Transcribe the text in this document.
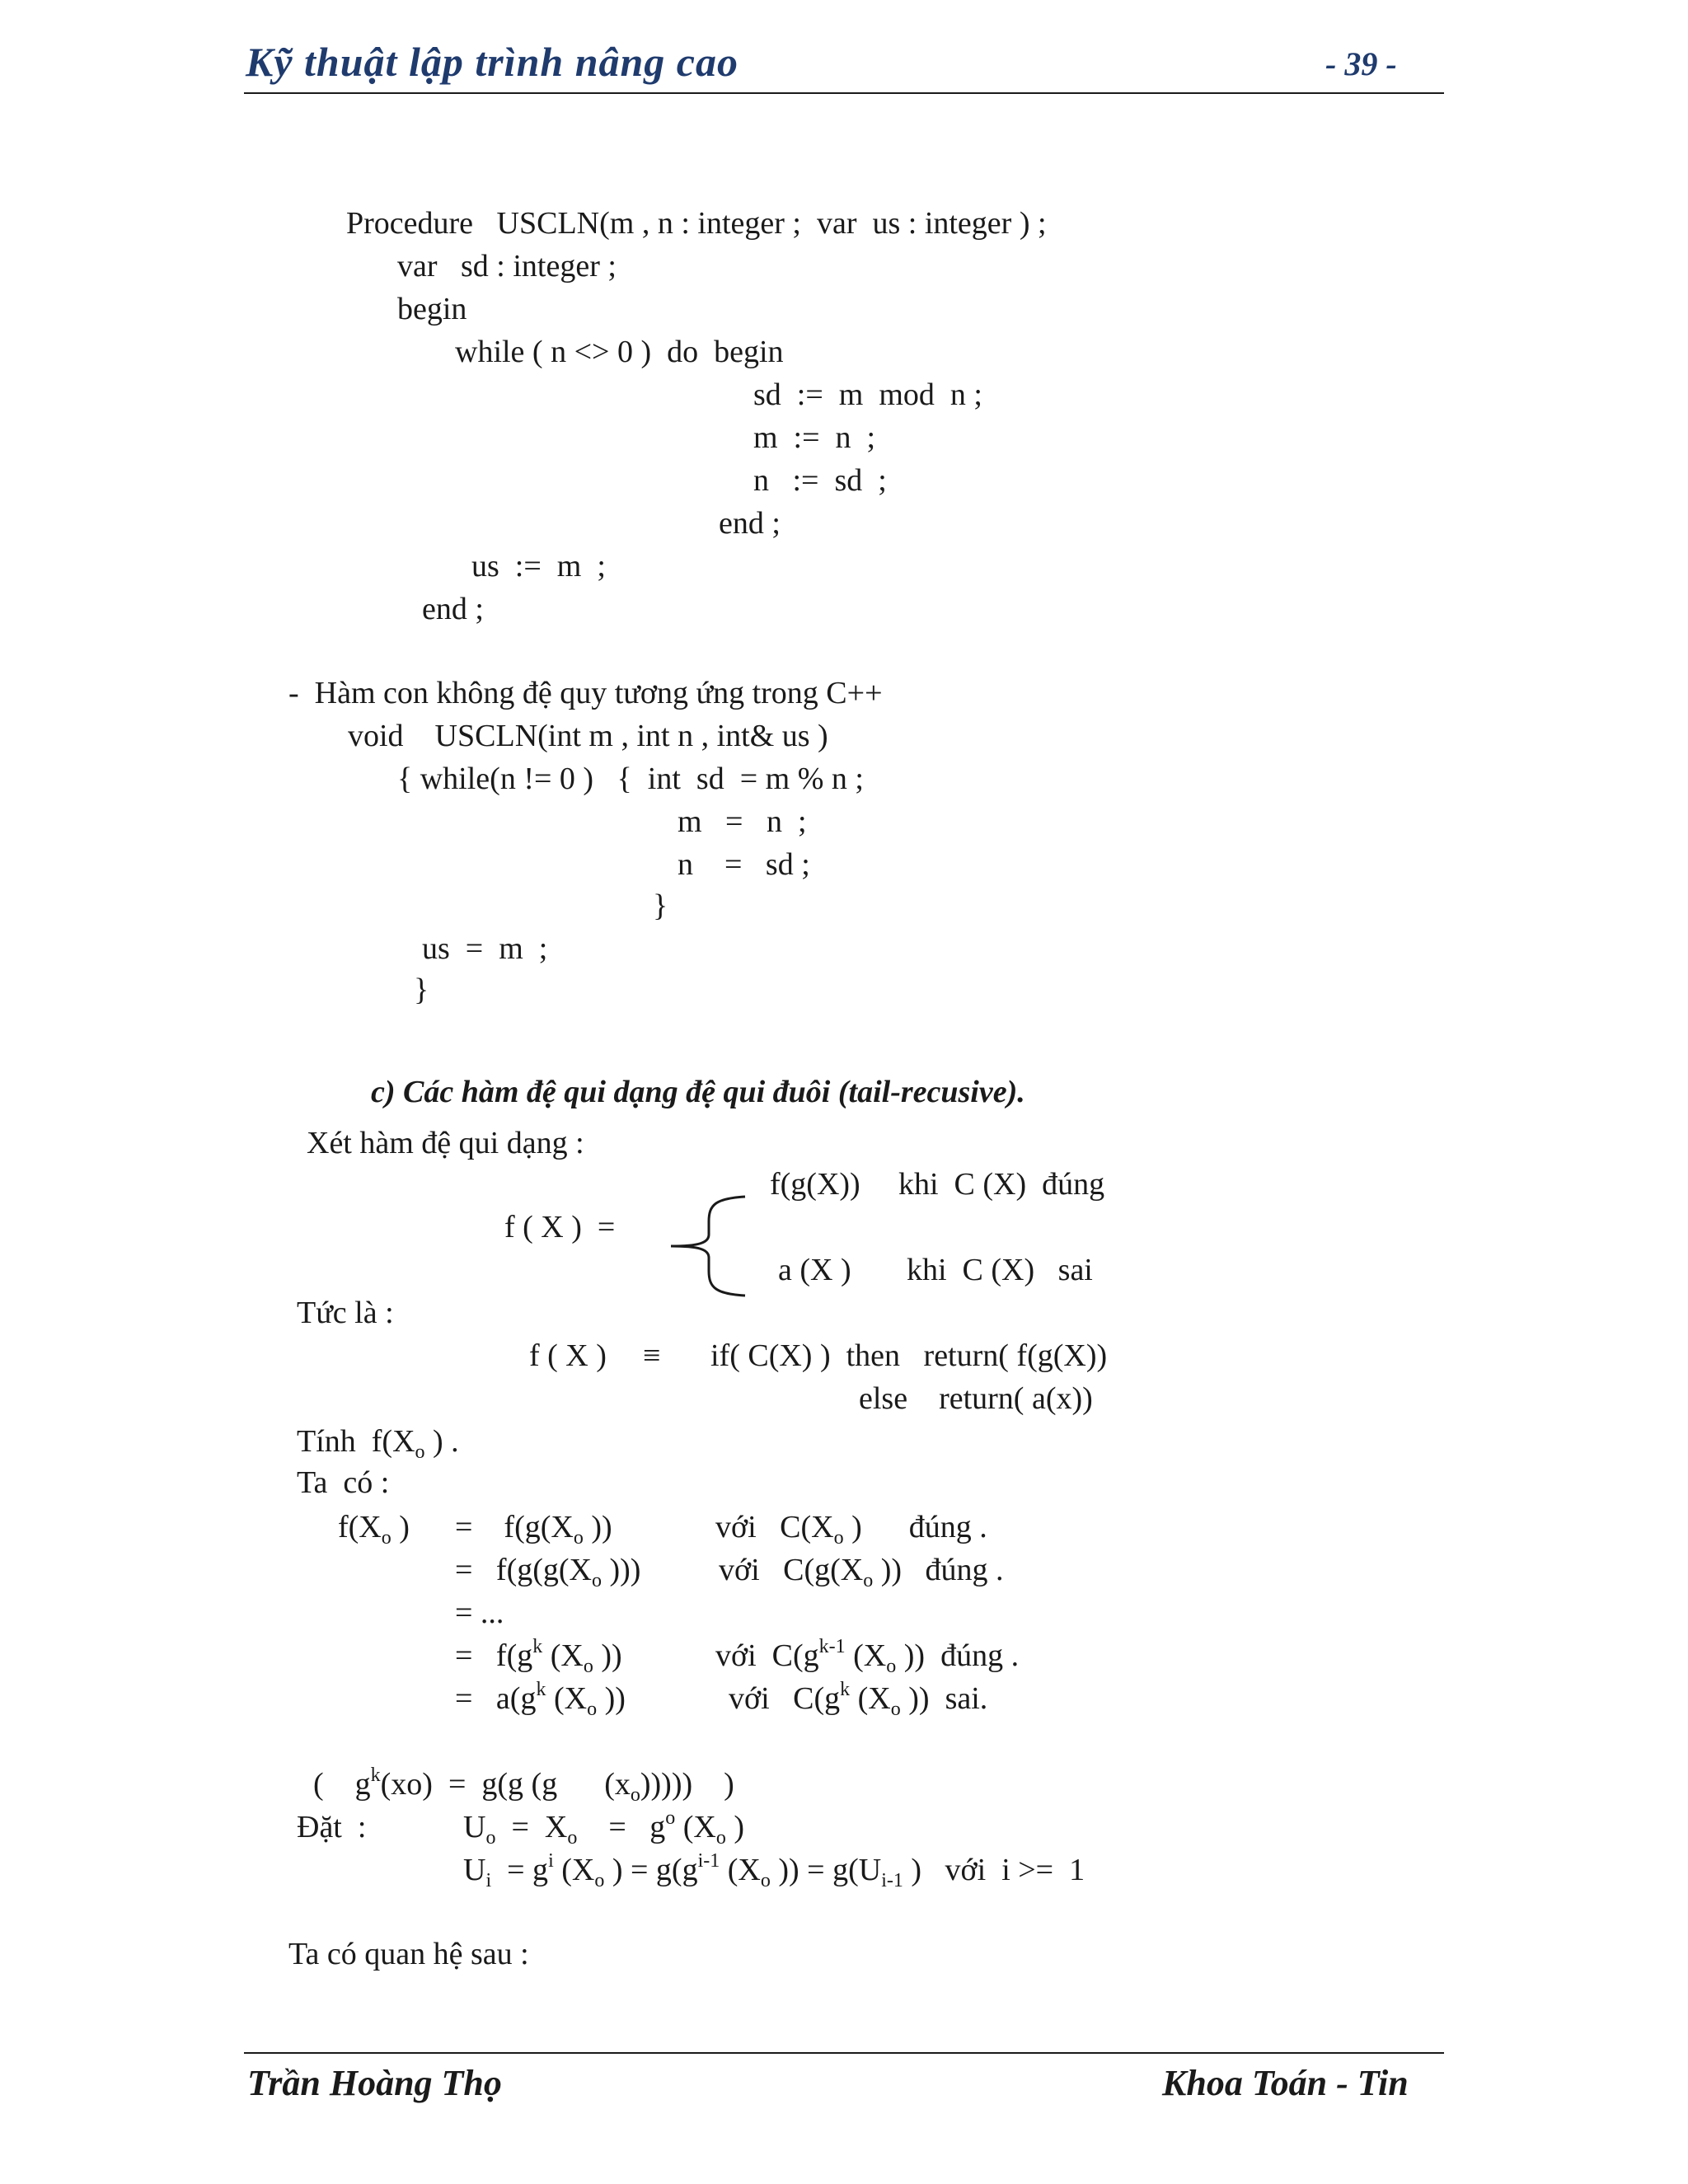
Kỹ thuật lập trình nâng cao	- 39 -
Procedure   USCLN(m , n : integer ;  var  us : integer ) ;
var   sd : integer ;
begin
while ( n <> 0 )  do  begin
sd  :=  m  mod  n ;
m  :=  n  ;
n   :=  sd  ;
end ;
us  :=  m  ;
end ;
-  Hàm con không đệ quy tương ứng trong C++
void    USCLN(int m , int n , int& us )
{ while(n != 0 )   {  int  sd  = m % n ;
m   =   n  ;
n    =   sd ;
}
us  =  m  ;
}
c) Các hàm đệ qui dạng đệ qui đuôi (tail-recusive).
Xét hàm đệ qui dạng :
f(g(X)) khi  C (X)  đúng
f ( X )  =
a (X ) khi  C (X)   sai
Tức là :
f ( X ) ≡ if( C(X) )  then   return( f(g(X))
else    return( a(x))
Tính  $f(X_o$ ) .
Ta  có :
$f(X_o$ ) =    $f(g(X_o$ ))	với   $C(X_o$ )      đúng .
=   $f(g(g(X_o$ ))) với   $C(g(X_o$ ))   đúng .
= ...
=   $f(g^k$ ($X_o$ ))	với  $C(g^{k-1}$ ($X_o$ ))  đúng .
=   $a(g^k$ ($X_o$ ))	với   $C(g^k$ ($X_o$ ))  sai.
(    $g^k(xo) = g(g$ (g      $(x_o)$))))    )
Đặt  :	$U_o = X_o$    =   $g^o$ ($X_o$ )
$U_i = g^i$ ($X_o$ ) = $g(g^{i-1}$ ($X_o$ )) = $g(U_{i-1}$ )   với  i >=  1
Ta có quan hệ sau :
Trần Hoàng Thọ	Khoa Toán - Tin
